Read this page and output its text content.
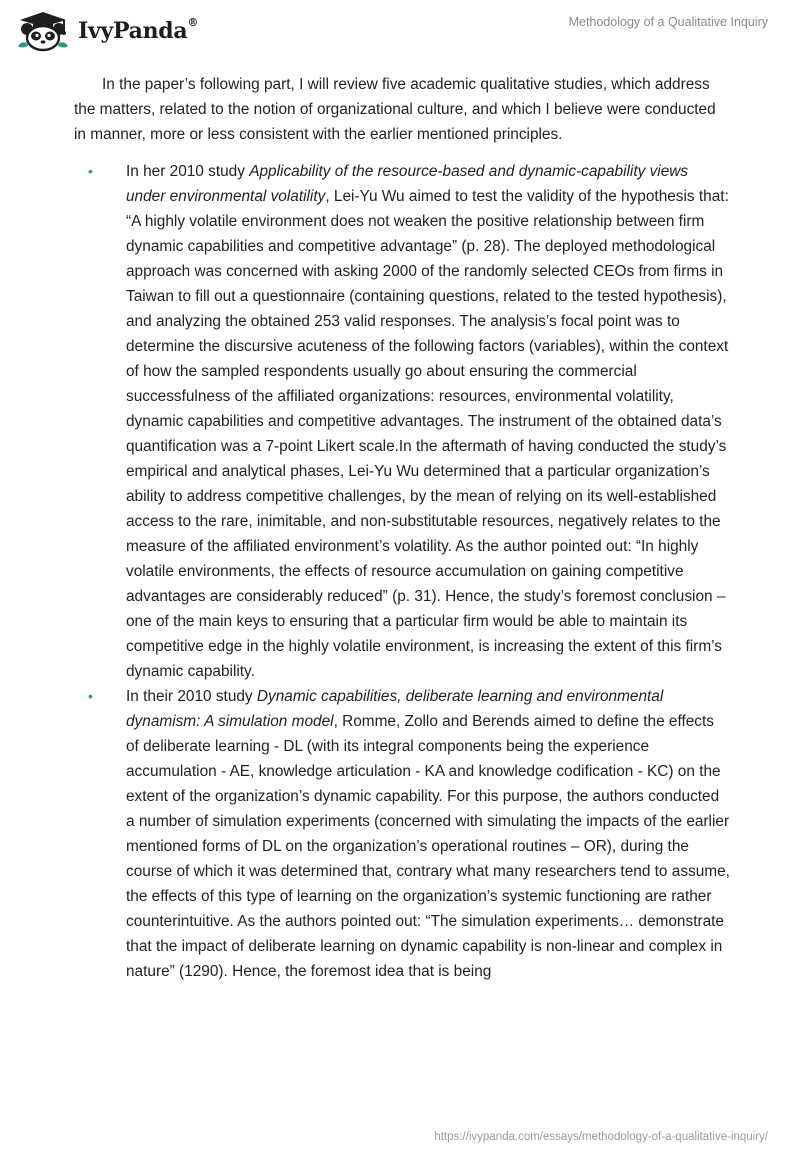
IvyPanda®	Methodology of a Qualitative Inquiry

In the paper’s following part, I will review five academic qualitative studies, which address the matters, related to the notion of organizational culture, and which I believe were conducted in manner, more or less consistent with the earlier mentioned principles.

• In her 2010 study Applicability of the resource-based and dynamic-capability views under environmental volatility, Lei-Yu Wu aimed to test the validity of the hypothesis that: “A highly volatile environment does not weaken the positive relationship between firm dynamic capabilities and competitive advantage” (p. 28). The deployed methodological approach was concerned with asking 2000 of the randomly selected CEOs from firms in Taiwan to fill out a questionnaire (containing questions, related to the tested hypothesis), and analyzing the obtained 253 valid responses. The analysis’s focal point was to determine the discursive acuteness of the following factors (variables), within the context of how the sampled respondents usually go about ensuring the commercial successfulness of the affiliated organizations: resources, environmental volatility, dynamic capabilities and competitive advantages. The instrument of the obtained data’s quantification was a 7-point Likert scale.In the aftermath of having conducted the study’s empirical and analytical phases, Lei-Yu Wu determined that a particular organization’s ability to address competitive challenges, by the mean of relying on its well-established access to the rare, inimitable, and non-substitutable resources, negatively relates to the measure of the affiliated environment’s volatility. As the author pointed out: “In highly volatile environments, the effects of resource accumulation on gaining competitive advantages are considerably reduced” (p. 31). Hence, the study’s foremost conclusion – one of the main keys to ensuring that a particular firm would be able to maintain its competitive edge in the highly volatile environment, is increasing the extent of this firm’s dynamic capability.
• In their 2010 study Dynamic capabilities, deliberate learning and environmental dynamism: A simulation model, Romme, Zollo and Berends aimed to define the effects of deliberate learning - DL (with its integral components being the experience accumulation - AE, knowledge articulation - KA and knowledge codification - KC) on the extent of the organization’s dynamic capability. For this purpose, the authors conducted a number of simulation experiments (concerned with simulating the impacts of the earlier mentioned forms of DL on the organization’s operational routines – OR), during the course of which it was determined that, contrary what many researchers tend to assume, the effects of this type of learning on the organization’s systemic functioning are rather counterintuitive. As the authors pointed out: “The simulation experiments… demonstrate that the impact of deliberate learning on dynamic capability is non-linear and complex in nature” (1290). Hence, the foremost idea that is being
https://ivypanda.com/essays/methodology-of-a-qualitative-inquiry/
